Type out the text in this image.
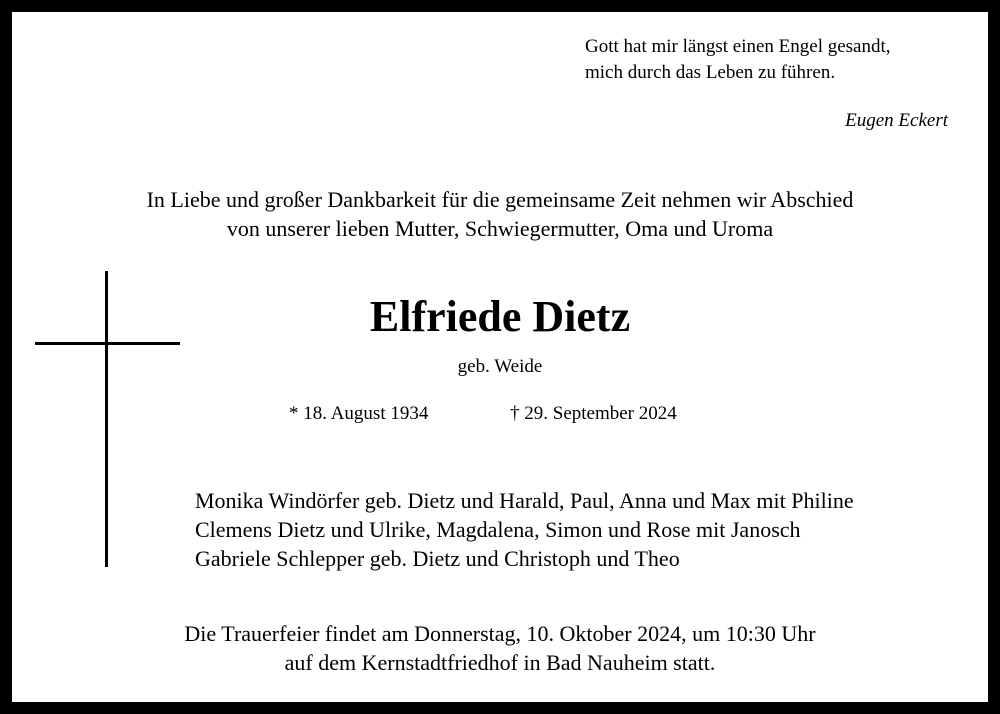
Gott hat mir längst einen Engel gesandt,
mich durch das Leben zu führen.
Eugen Eckert
In Liebe und großer Dankbarkeit für die gemeinsame Zeit nehmen wir Abschied
von unserer lieben Mutter, Schwiegermutter, Oma und Uroma
Elfriede Dietz
geb. Weide
* 18. August 1934	† 29. September 2024
Monika Windörfer geb. Dietz und Harald, Paul, Anna und Max mit Philine
Clemens Dietz und Ulrike, Magdalena, Simon und Rose mit Janosch
Gabriele Schlepper geb. Dietz und Christoph und Theo
Die Trauerfeier findet am Donnerstag, 10. Oktober 2024, um 10:30 Uhr
auf dem Kernstadtfriedhof in Bad Nauheim statt.
